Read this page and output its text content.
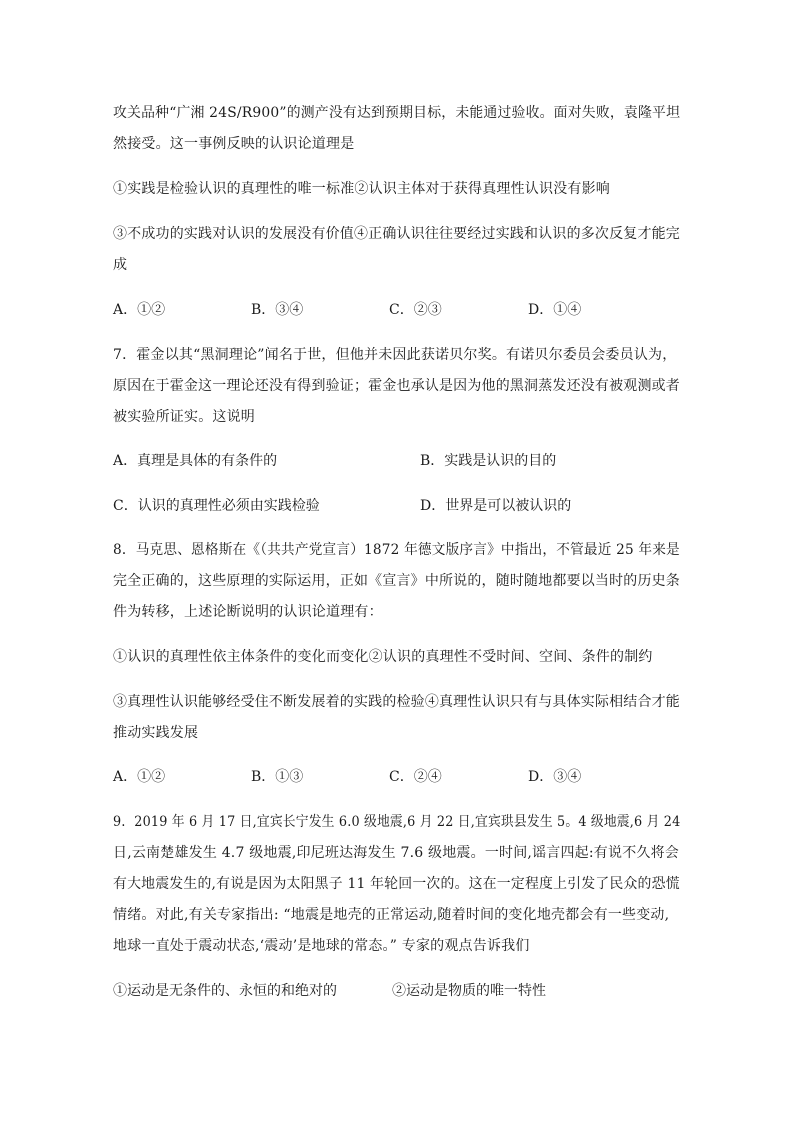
攻关品种“广湘 24S/R900”的测产没有达到预期目标，未能通过验收。面对失败，袁隆平坦

然接受。这一事例反映的认识论道理是

①实践是检验认识的真理性的唯一标准②认识主体对于获得真理性认识没有影响

③不成功的实践对认识的发展没有价值④正确认识往往要经过实践和认识的多次反复才能完

成

A．①②	B．③④	C．②③	D．①④

7．霍金以其“黑洞理论”闻名于世，但他并未因此获诺贝尔奖。有诺贝尔委员会委员认为，

原因在于霍金这一理论还没有得到验证；霍金也承认是因为他的黑洞蒸发还没有被观测或者

被实验所证实。这说明

A．真理是具体的有条件的	B．实践是认识的目的

C．认识的真理性必须由实践检验	D．世界是可以被认识的

8．马克思、恩格斯在《（共共产党宣言）1872 年德文版序言》中指出，不管最近 25 年来是

完全正确的，这些原理的实际运用，正如《宣言》中所说的，随时随地都要以当时的历史条

件为转移，上述论断说明的认识论道理有：

①认识的真理性依主体条件的变化而变化②认识的真理性不受时间、空间、条件的制约

③真理性认识能够经受住不断发展着的实践的检验④真理性认识只有与具体实际相结合才能

推动实践发展

A．①②	B．①③	C．②④	D．③④

9．2019 年 6 月 17 日,宜宾长宁发生 6.0 级地震,6 月 22 日,宜宾珙县发生 5。4 级地震,6 月 24

日,云南楚雄发生 4.7 级地震,印尼班达海发生 7.6 级地震。一时间,谣言四起:有说不久将会

有大地震发生的,有说是因为太阳黑子 11 年轮回一次的。这在一定程度上引发了民众的恐慌

情绪。对此,有关专家指出: “地震是地壳的正常运动,随着时间的变化地壳都会有一些变动,

地球一直处于震动状态,‘震动’是地球的常态。” 专家的观点告诉我们

①运动是无条件的、永恒的和绝对的	②运动是物质的唯一特性
